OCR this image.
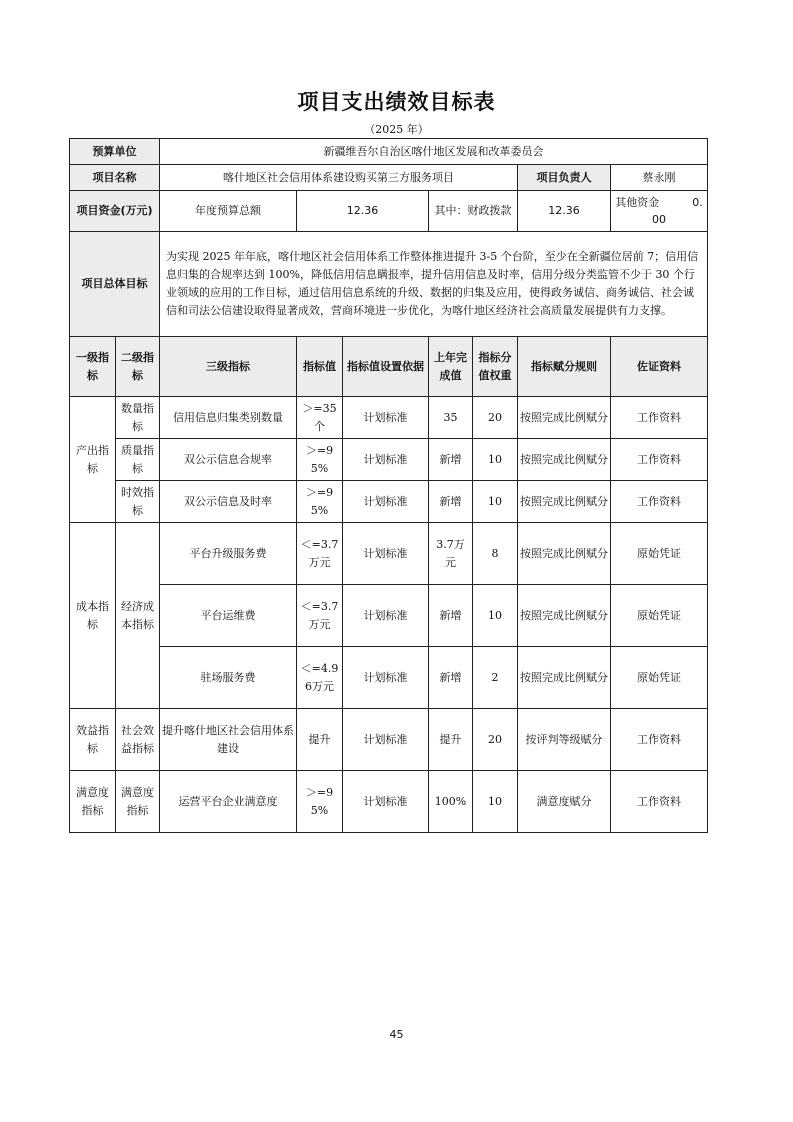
项目支出绩效目标表
（2025 年）
预算单位		新疆维吾尔自治区喀什地区发展和改革委员会						
项目名称		喀什地区社会信用体系建设购买第三方服务项目					项目负责人	蔡永刚
项目资金(万元)		年度预算总额	12.36		其中：财政拨款		12.36	其他资金　　　 0.00
项目总体目标		为实现 2025 年年底，喀什地区社会信用体系工作整体推进提升 3-5 个台阶，至少在全新疆位居前 7；信用信息归集的合规率达到 100%，降低信用信息瞒报率，提升信用信息及时率，信用分级分类监管不少于 30 个行业领域的应用的工作目标，通过信用信息系统的升级、数据的归集及应用，使得政务诚信、商务诚信、社会诚信和司法公信建设取得显著成效，营商环境进一步优化，为喀什地区经济社会高质量发展提供有力支撑。						
一级指标	二级指标	三级指标	指标值	指标值设置依据	上年完成值	指标分值权重	指标赋分规则	佐证资料
产出指标	数量指标	信用信息归集类别数量	＞=35个	计划标准	35	20	按照完成比例赋分	工作资料
	质量指标	双公示信息合规率	＞=95%	计划标准	新增	10	按照完成比例赋分	工作资料
	时效指标	双公示信息及时率	＞=95%	计划标准	新增	10	按照完成比例赋分	工作资料
成本指标	经济成本指标	平台升级服务费	＜=3.7万元	计划标准	3.7万元	8	按照完成比例赋分	原始凭证
		平台运维费	＜=3.7万元	计划标准	新增	10	按照完成比例赋分	原始凭证
		驻场服务费	＜=4.96万元	计划标准	新增	2	按照完成比例赋分	原始凭证
效益指标	社会效益指标	提升喀什地区社会信用体系建设	提升	计划标准	提升	20	按评判等级赋分	工作资料
满意度指标	满意度指标	运营平台企业满意度	＞=95%	计划标准	100%	10	满意度赋分	工作资料
45
